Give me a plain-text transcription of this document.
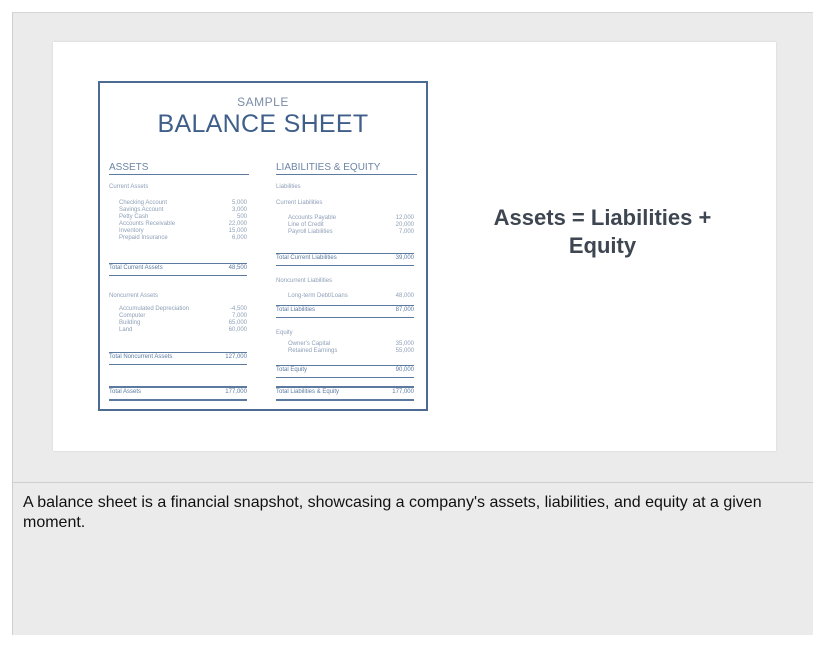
SAMPLE
BALANCE SHEET
ASSETS	LIABILITIES & EQUITY
Current Assets
Checking Account	5,000
Savings Account	3,000
Petty Cash	500
Accounts Receivable	22,000
Inventory	15,000
Prepaid Insurance	6,000
Total Current Assets	48,500
Noncurrent Assets
Accumulated Depreciation	-4,500
Computer	7,000
Building	65,000
Land	60,000
Total Noncurrent Assets	127,000
Total Assets	177,000
Liabilities
Current Liabilities
Accounts Payable	12,000
Line of Credit	20,000
Payroll Liabilities	7,000
Total Current Liabilities	39,000
Noncurrent Liabilities
Long-term Debt/Loans	48,000
Total Liabilities	87,000
Equity
Owner's Capital	35,000
Retained Earnings	55,000
Total Equity	90,000
Total Liabilities & Equity	177,000
Assets = Liabilities + Equity
A balance sheet is a financial snapshot, showcasing a company's assets, liabilities, and equity at a given moment.
